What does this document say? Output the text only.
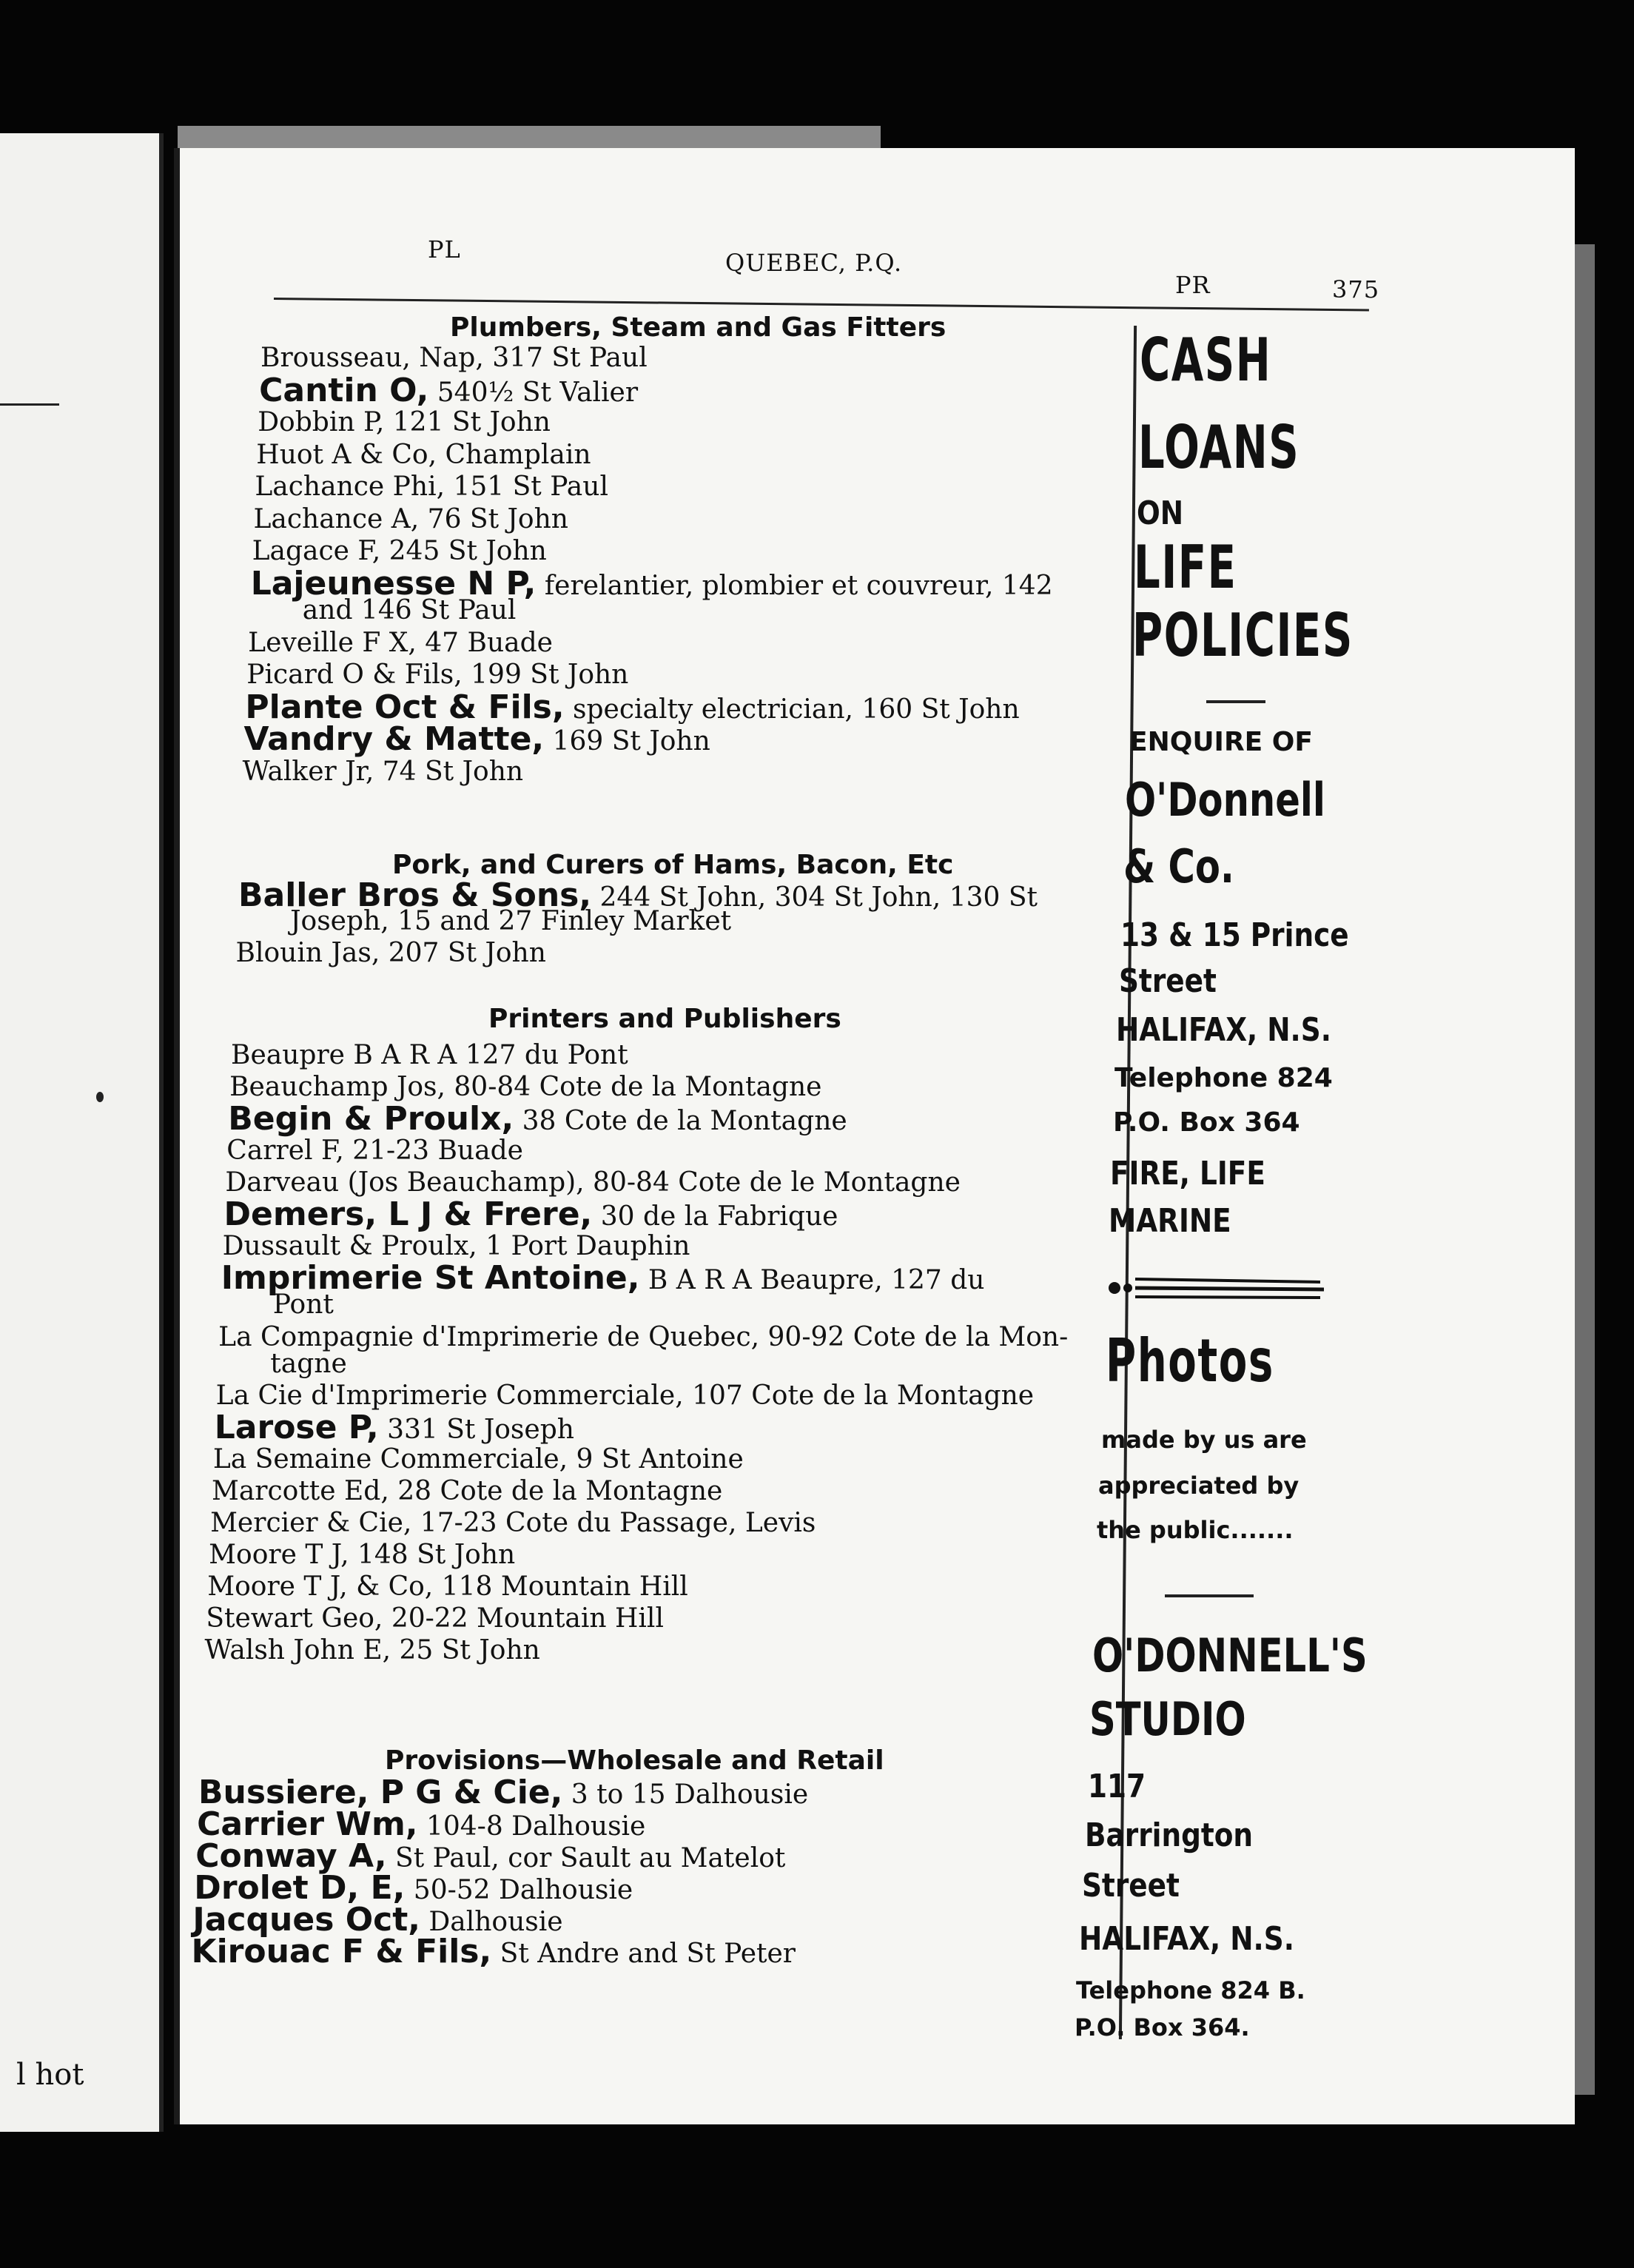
l hot
PL	QUEBEC, P.Q.
PR	375
Plumbers, Steam and Gas Fitters
Brousseau, Nap, 317 St Paul
Cantin O, 540½ St Valier
Dobbin P, 121 St John
Huot A & Co, Champlain
Lachance Phi, 151 St Paul
Lachance A, 76 St John
Lagace F, 245 St John
Lajeunesse N P, ferelantier, plombier et couvreur, 142
and 146 St Paul
Leveille F X, 47 Buade
Picard O & Fils, 199 St John
Plante Oct & Fils, specialty electrician, 160 St John
Vandry & Matte, 169 St John
Walker Jr, 74 St John
Pork, and Curers of Hams, Bacon, Etc
Baller Bros & Sons, 244 St John, 304 St John, 130 St
Joseph, 15 and 27 Finley Market
Blouin Jas, 207 St John
Printers and Publishers
Beaupre B A R A 127 du Pont
Beauchamp Jos, 80-84 Cote de la Montagne
Begin & Proulx, 38 Cote de la Montagne
Carrel F, 21-23 Buade
Darveau (Jos Beauchamp), 80-84 Cote de le Montagne
Demers, L J & Frere, 30 de la Fabrique
Dussault & Proulx, 1 Port Dauphin
Imprimerie St Antoine, B A R A Beaupre, 127 du
Pont
La Compagnie d'Imprimerie de Quebec, 90-92 Cote de la Mon-
tagne
La Cie d'Imprimerie Commerciale, 107 Cote de la Montagne
Larose P, 331 St Joseph
La Semaine Commerciale, 9 St Antoine
Marcotte Ed, 28 Cote de la Montagne
Mercier & Cie, 17-23 Cote du Passage, Levis
Moore T J, 148 St John
Moore T J, & Co, 118 Mountain Hill
Stewart Geo, 20-22 Mountain Hill
Walsh John E, 25 St John
Provisions—Wholesale and Retail
Bussiere, P G & Cie, 3 to 15 Dalhousie
Carrier Wm, 104-8 Dalhousie
Conway A, St Paul, cor Sault au Matelot
Drolet D, E, 50-52 Dalhousie
Jacques Oct, Dalhousie
Kirouac F & Fils, St Andre and St Peter
CASH
LOANS
ON
LIFE
POLICIES
ENQUIRE OF
O'Donnell
& Co.
13 & 15 Prince
Street
HALIFAX, N.S.
Telephone 824
P.O. Box 364
FIRE, LIFE
MARINE
Photos
made by us are
appreciated by
the public.......
O'DONNELL'S
STUDIO
117
Barrington
Street
HALIFAX, N.S.
Telephone 824 B.
P.O. Box 364.
